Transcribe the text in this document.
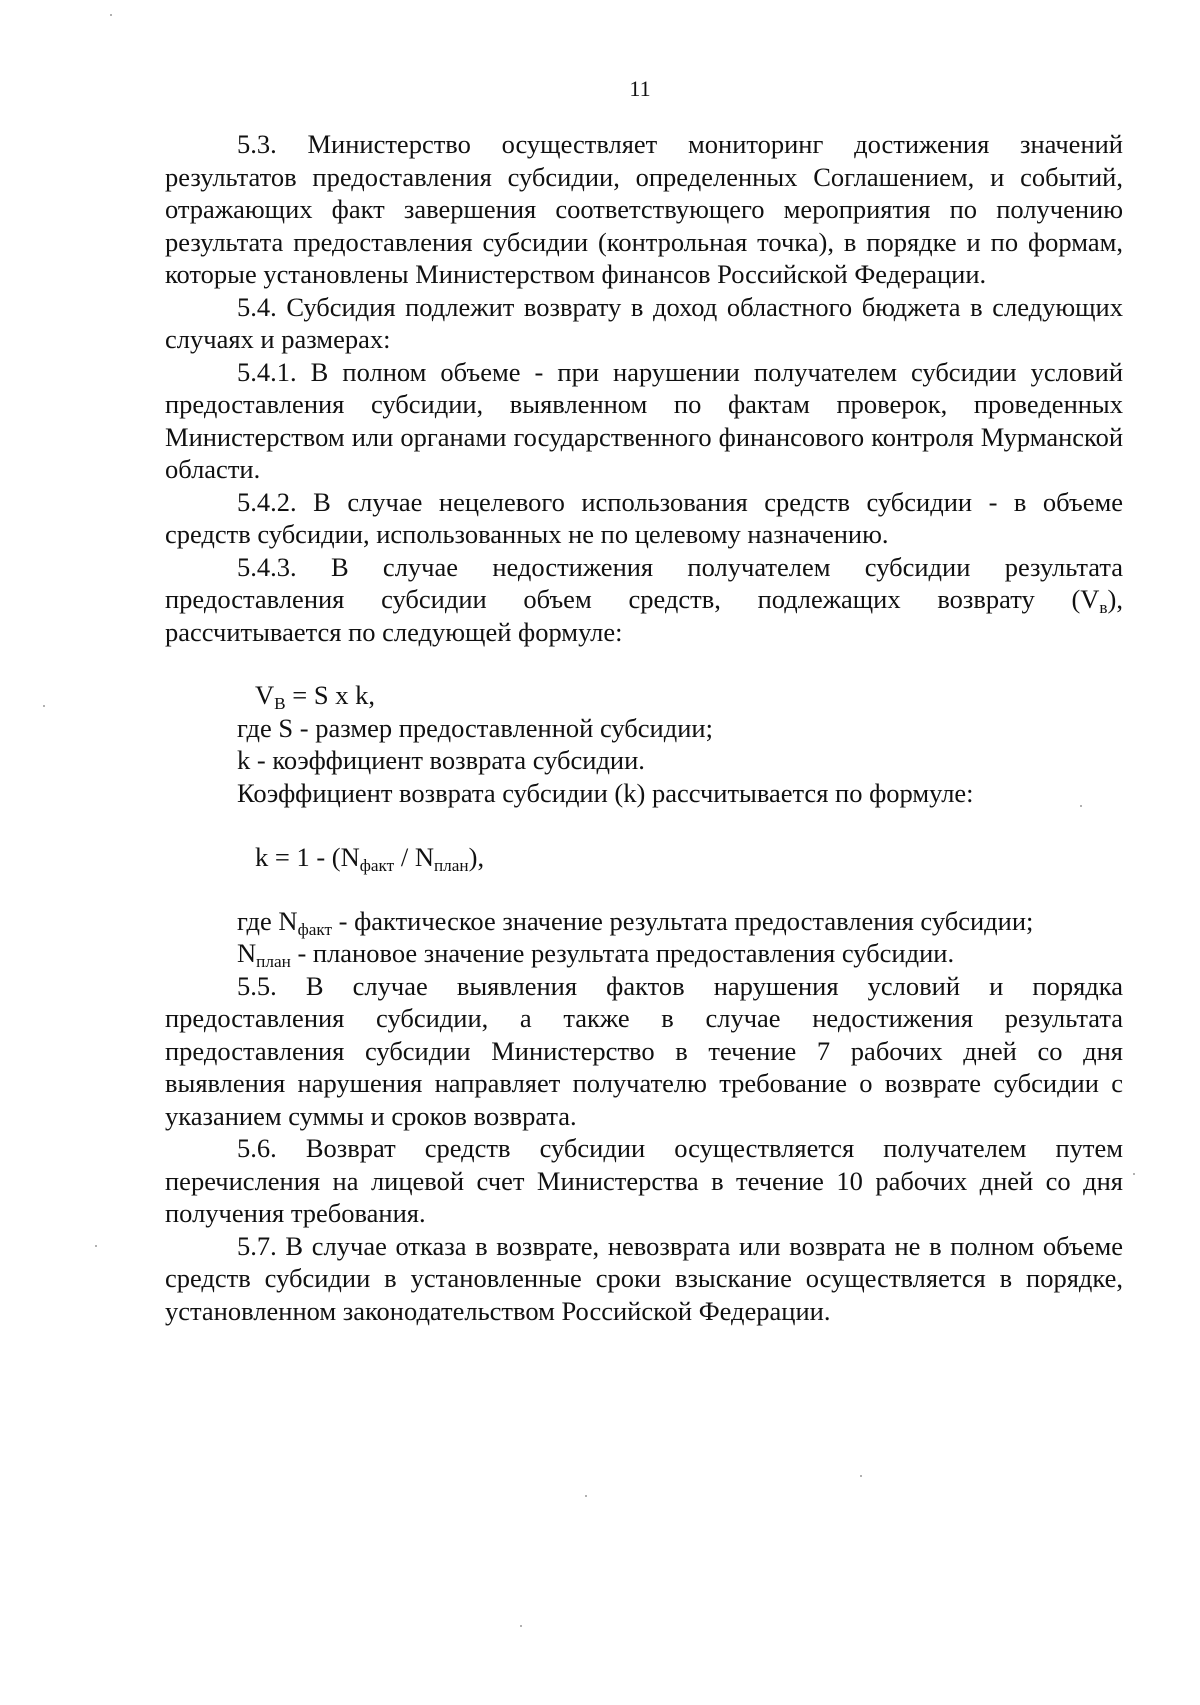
11

5.3. Министерство осуществляет мониторинг достижения значений результатов предоставления субсидии, определенных Соглашением, и событий, отражающих факт завершения соответствующего мероприятия по получению результата предоставления субсидии (контрольная точка), в порядке и по формам, которые установлены Министерством финансов Российской Федерации.

5.4. Субсидия подлежит возврату в доход областного бюджета в следующих случаях и размерах:

5.4.1. В полном объеме - при нарушении получателем субсидии условий предоставления субсидии, выявленном по фактам проверок, проведенных Министерством или органами государственного финансового контроля Мурманской области.

5.4.2. В случае нецелевого использования средств субсидии - в объеме средств субсидии, использованных не по целевому назначению.

5.4.3. В случае недостижения получателем субсидии результата предоставления субсидии объем средств, подлежащих возврату $(V_в)$, рассчитывается по следующей формуле:

$V_B = S$ x k,

где S - размер предоставленной субсидии;

k - коэффициент возврата субсидии.

Коэффициент возврата субсидии (k) рассчитывается по формуле:

$k = 1 - (N_{факт} / N_{план})$,

где $N_{факт}$ - фактическое значение результата предоставления субсидии;

$N_{план}$ - плановое значение результата предоставления субсидии.

5.5. В случае выявления фактов нарушения условий и порядка предоставления субсидии, а также в случае недостижения результата предоставления субсидии Министерство в течение 7 рабочих дней со дня выявления нарушения направляет получателю требование о возврате субсидии с указанием суммы и сроков возврата.

5.6. Возврат средств субсидии осуществляется получателем путем перечисления на лицевой счет Министерства в течение 10 рабочих дней со дня получения требования.

5.7. В случае отказа в возврате, невозврата или возврата не в полном объеме средств субсидии в установленные сроки взыскание осуществляется в порядке, установленном законодательством Российской Федерации.
